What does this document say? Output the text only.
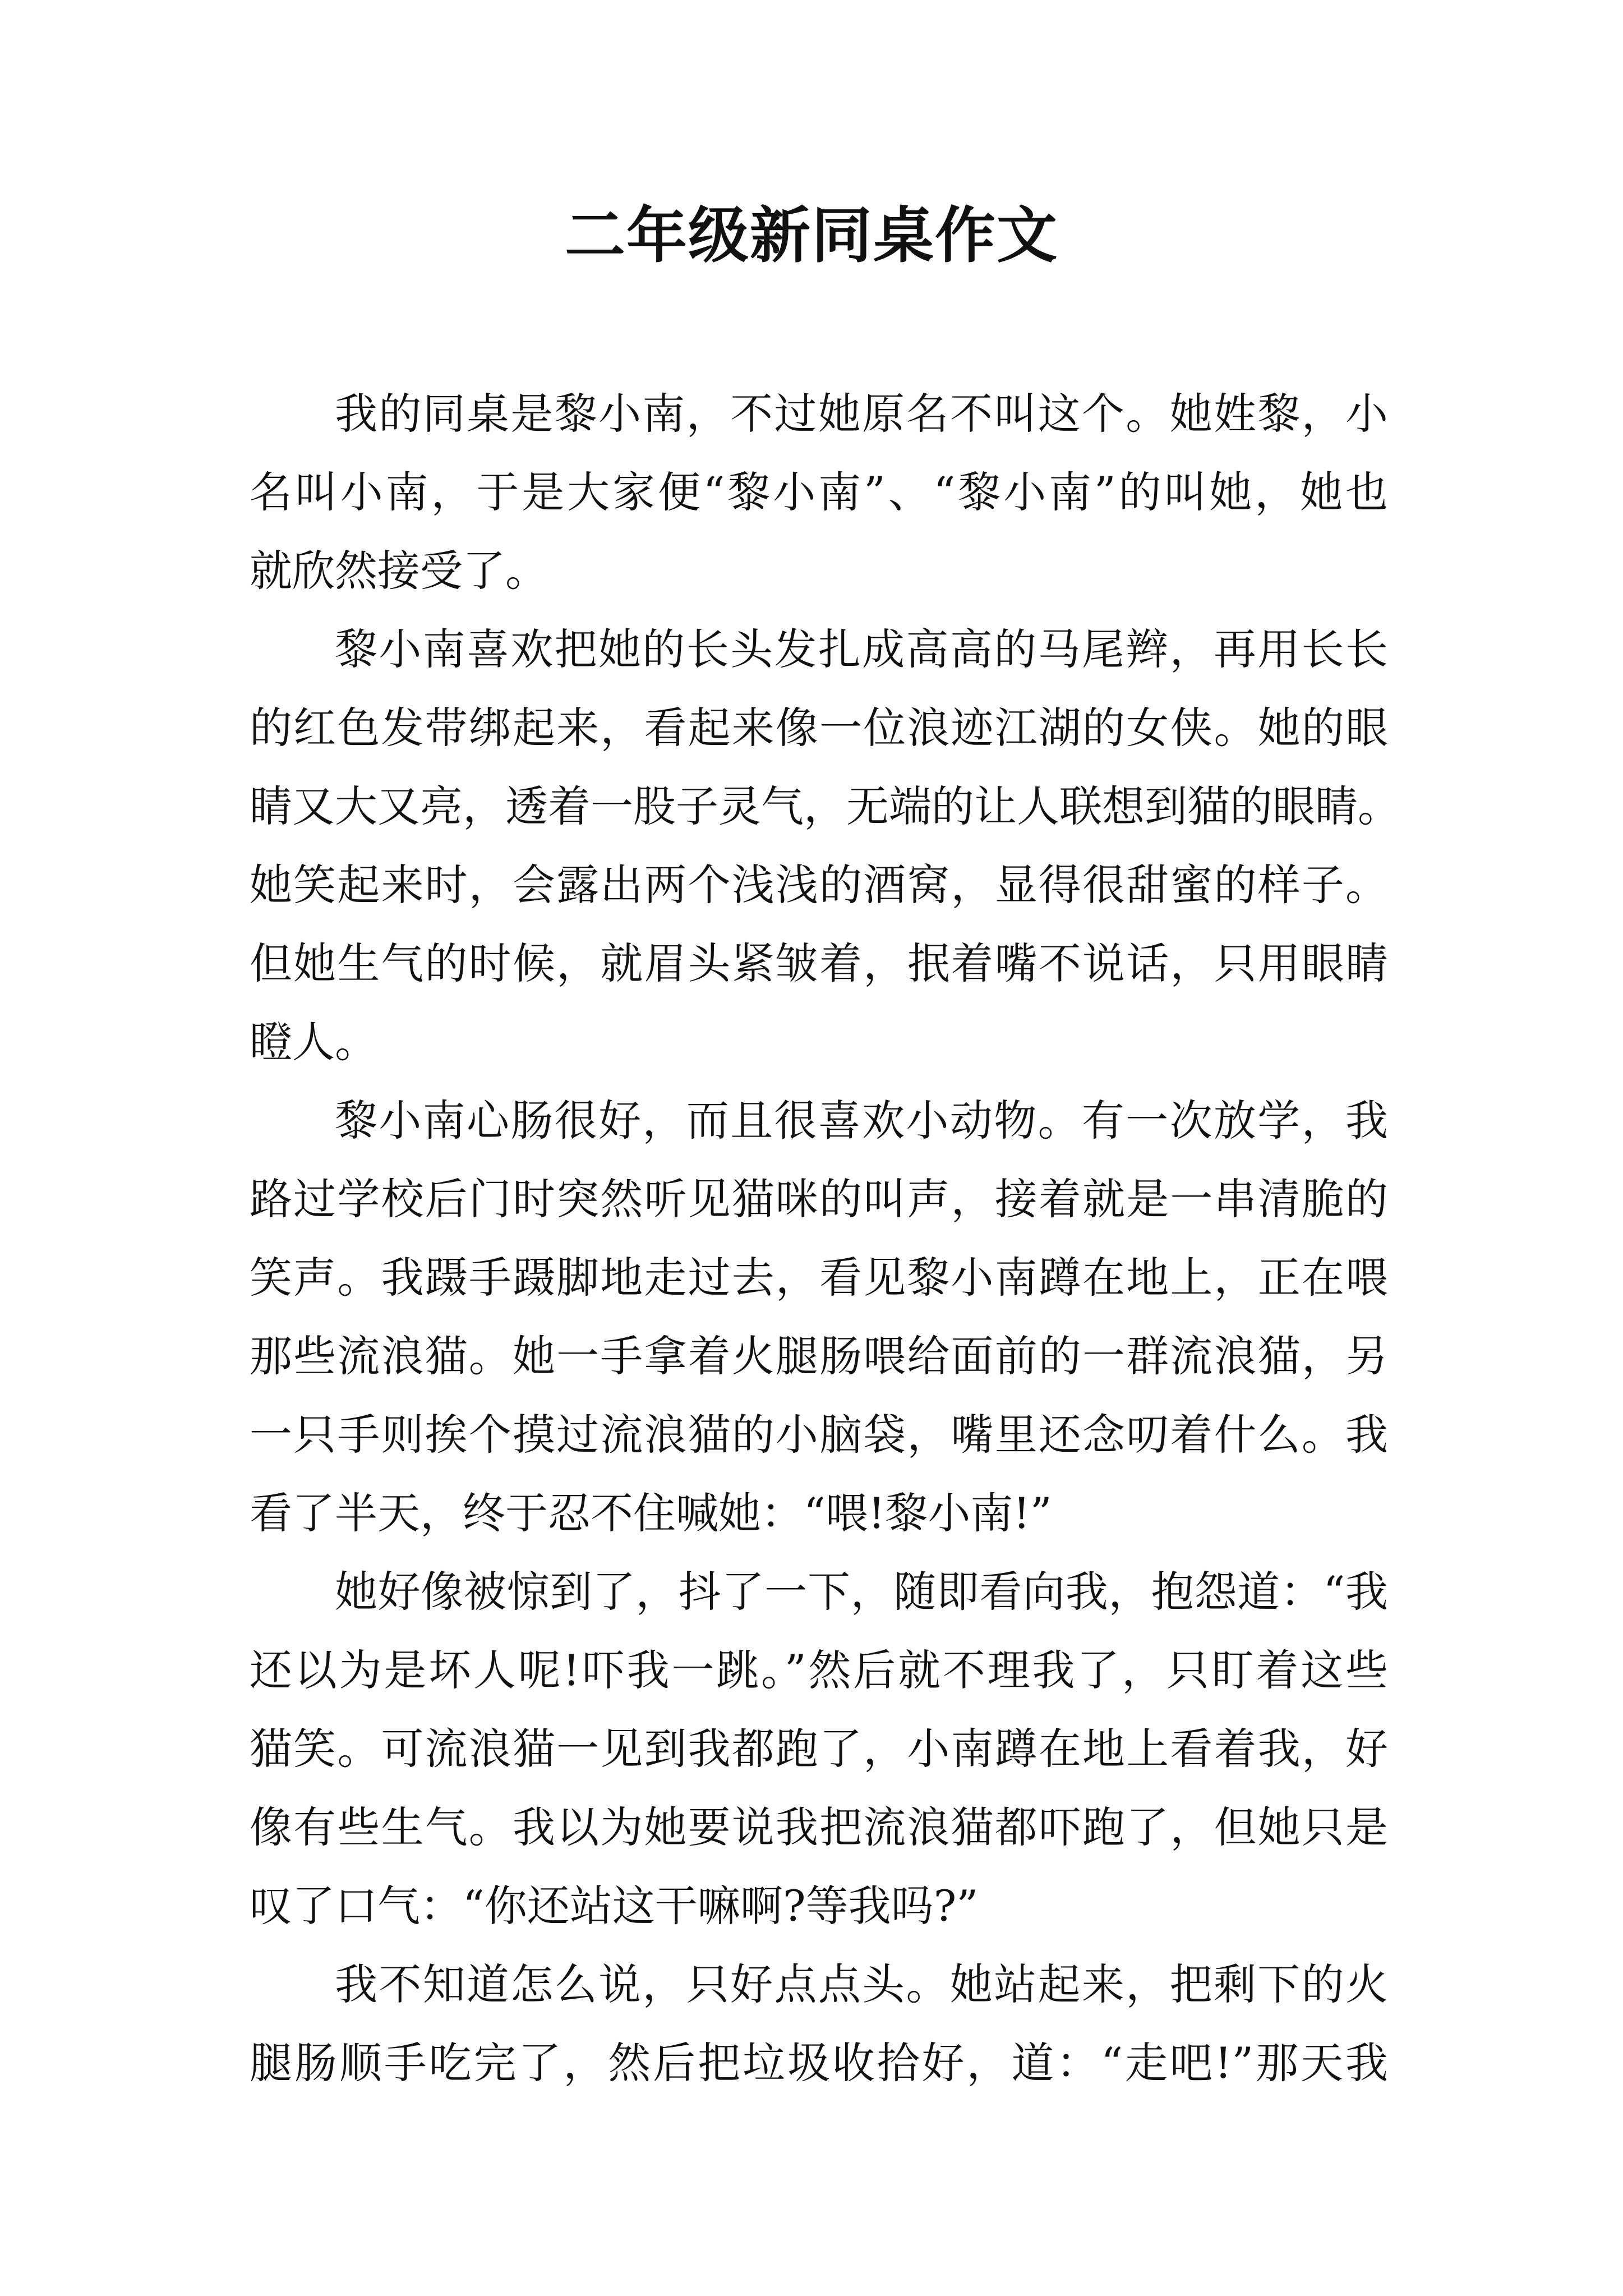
二年级新同桌作文
我的同桌是黎小南，不过她原名不叫这个。她姓黎，小
名叫小南，于是大家便“黎小南”、“黎小南”的叫她，她也
就欣然接受了。
黎小南喜欢把她的长头发扎成高高的马尾辫，再用长长
的红色发带绑起来，看起来像一位浪迹江湖的女侠。她的眼
睛又大又亮，透着一股子灵气，无端的让人联想到猫的眼睛。
她笑起来时，会露出两个浅浅的酒窝，显得很甜蜜的样子。
但她生气的时候，就眉头紧皱着，抿着嘴不说话，只用眼睛
瞪人。
黎小南心肠很好，而且很喜欢小动物。有一次放学，我
路过学校后门时突然听见猫咪的叫声，接着就是一串清脆的
笑声。我蹑手蹑脚地走过去，看见黎小南蹲在地上，正在喂
那些流浪猫。她一手拿着火腿肠喂给面前的一群流浪猫，另
一只手则挨个摸过流浪猫的小脑袋，嘴里还念叨着什么。我
看了半天，终于忍不住喊她：“喂!黎小南!”
她好像被惊到了，抖了一下，随即看向我，抱怨道：“我
还以为是坏人呢!吓我一跳。”然后就不理我了，只盯着这些
猫笑。可流浪猫一见到我都跑了，小南蹲在地上看着我，好
像有些生气。我以为她要说我把流浪猫都吓跑了，但她只是
叹了口气：“你还站这干嘛啊?等我吗?”
我不知道怎么说，只好点点头。她站起来，把剩下的火
腿肠顺手吃完了，然后把垃圾收拾好，道：“走吧!”那天我
